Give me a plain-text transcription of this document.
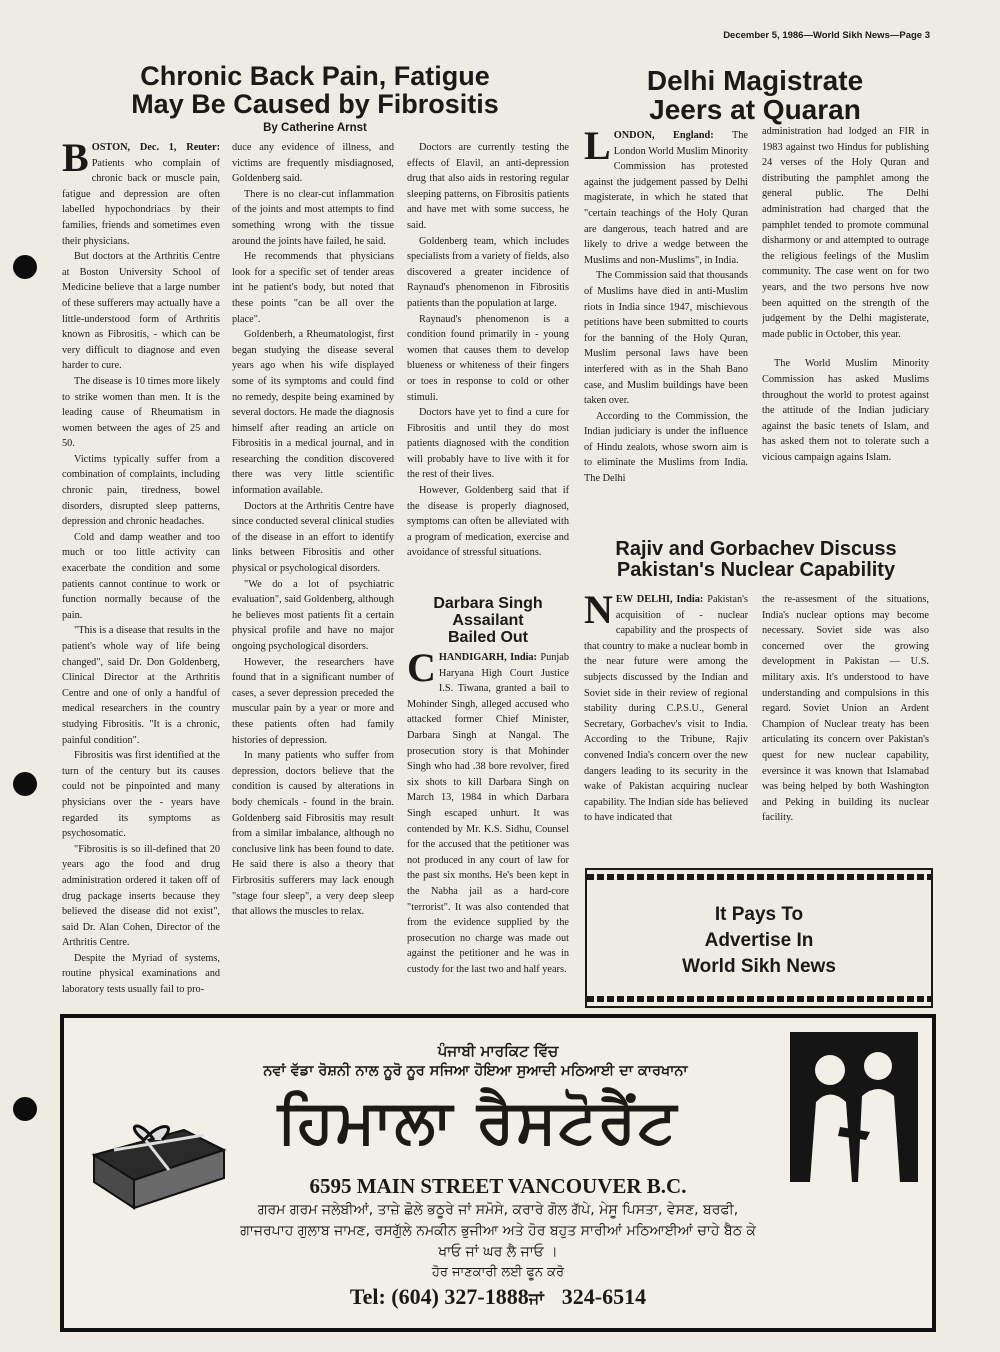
December 5, 1986—World Sikh News—Page 3
Chronic Back Pain, Fatigue
May Be Caused by Fibrositis
By Catherine Arnst

BOSTON, Dec. 1, Reuter: Patients who complain of chronic back or muscle pain, fatigue and depression are often labelled hypochondriacs by their families, friends and sometimes even their physicians.

But doctors at the Arthritis Centre at Boston University School of Medicine believe that a large number of these sufferers may actually have a little-understood form of Arthritis known as Fibrositis, - which can be very difficult to diagnose and even harder to cure.

The disease is 10 times more likely to strike women than men. It is the leading cause of Rheumatism in women between the ages of 25 and 50.

Victims typically suffer from a combination of complaints, including chronic pain, tiredness, bowel disorders, disrupted sleep patterns, depression and chronic headaches.

Cold and damp weather and too much or too little activity can exacerbate the condition and some patients cannot continue to work or function normally because of the pain.

"This is a disease that results in the patient's whole way of life being changed", said Dr. Don Goldenberg, Clinical Director at the Arthritis Centre and one of only a handful of medical researchers in the country studying Fibrositis. "It is a chronic, painful condition".

Fibrositis was first identified at the turn of the century but its causes could not be pinpointed and many physicians over the - years have regarded its symptoms as psychosomatic.

"Fibrositis is so ill-defined that 20 years ago the food and drug administration ordered it taken off of drug package inserts because they believed the disease did not exist", said Dr. Alan Cohen, Director of the Arthritis Centre.

Despite the Myriad of systems, routine physical examinations and laboratory tests usually fail to pro-

duce any evidence of illness, and victims are frequently misdiagnosed, Goldenberg said.

There is no clear-cut inflammation of the joints and most attempts to find something wrong with the tissue around the joints have failed, he said.

He recommends that physicians look for a specific set of tender areas int he patient's body, but noted that these points "can be all over the place".

Goldenberh, a Rheumatologist, first began studying the disease several years ago when his wife displayed some of its symptoms and could find no remedy, despite being examined by several doctors. He made the diagnosis himself after reading an article on Fibrositis in a medical journal, and in researching the condition discovered there was very little scientific information available.

Doctors at the Arthritis Centre have since conducted several clinical studies of the disease in an effort to identify links between Fibrositis and other physical or psychological disorders.

"We do a lot of psychiatric evaluation", said Goldenberg, although he believes most patients fit a certain physical profile and have no major ongoing psychological disorders.

However, the researchers have found that in a significant number of cases, a sever depression preceded the muscular pain by a year or more and these patients often had family histories of depression.

In many patients who suffer from depression, doctors believe that the condition is caused by alterations in body chemicals - found in the brain. Goldenberg said Fibrositis may result from a similar imbalance, although no conclusive link has been found to date. He said there is also a theory that Firbrositis sufferers may lack enough "stage four sleep", a very deep sleep that allows the muscles to relax.

Doctors are currently testing the effects of Elavil, an anti-depression drug that also aids in restoring regular sleeping patterns, on Fibrositis patients and have met with some success, he said.

Goldenberg team, which includes specialists from a variety of fields, also discovered a greater incidence of Raynaud's phenomenon in Fibrositis patients than the population at large.

Raynaud's phenomenon is a condition found primarily in - young women that causes them to develop blueness or whiteness of their fingers or toes in response to cold or other stimuli.

Doctors have yet to find a cure for Fibrositis and until they do most patients diagnosed with the condition will probably have to live with it for the rest of their lives.

However, Goldenberg said that if the disease is properly diagnosed, symptoms can often be alleviated with a program of medication, exercise and avoidance of stressful situations.

Darbara Singh
Assailant
Bailed Out

CHANDIGARH, India: Punjab Haryana High Court Justice I.S. Tiwana, granted a bail to Mohinder Singh, alleged accused who attacked former Chief Minister, Darbara Singh at Nangal. The prosecution story is that Mohinder Singh who had .38 bore revolver, fired six shots to kill Darbara Singh on March 13, 1984 in which Darbara Singh escaped unhurt. It was contended by Mr. K.S. Sidhu, Counsel for the accused that the petitioner was not produced in any court of law for the past six months. He's been kept in the Nabha jail as a hard-core "terrorist". It was also contended that from the evidence supplied by the prosecution no charge was made out against the petitioner and he was in custody for the last two and half years.

Delhi Magistrate
Jeers at Quaran

LONDON, England: The London World Muslim Minority Commission has protested against the judgement passed by Delhi magisterate, in which he stated that "certain teachings of the Holy Quran are dangerous, teach hatred and are likely to drive a wedge between the Muslims and non-Muslims", in India.

The Commission said that thousands of Muslims have died in anti-Muslim riots in India since 1947, mischievous petitions have been submitted to courts for the banning of the Holy Quran, Muslim personal laws have been interfered with as in the Shah Bano case, and Muslim buildings have been taken over.

According to the Commission, the Indian judiciary is under the influence of Hindu zealots, whose sworn aim is to eliminate the Muslims from India. The Delhi

administration had lodged an FIR in 1983 against two Hindus for publishing 24 verses of the Holy Quran and distributing the pamphlet among the general public. The Delhi administration had charged that the pamphlet tended to promote communal disharmony or and attempted to outrage the religious feelings of the Muslim community. The case went on for two years, and the two persons hve now been aquitted on the strength of the judgement by the Delhi magisterate, made public in October, this year.

The World Muslim Minority Commission has asked Muslims throughout the world to protest against the attitude of the Indian judiciary against the basic tenets of Islam, and has asked them not to tolerate such a vicious campaign agains Islam.

Rajiv and Gorbachev Discuss
Pakistan's Nuclear Capability

NEW DELHI, India: Pakistan's acquisition of - nuclear capability and the prospects of that country to make a nuclear bomb in the near future were among the subjects discussed by the Indian and Soviet side in their review of regional stability during C.P.S.U., General Secretary, Gorbachev's visit to India. According to the Tribune, Rajiv convened India's concern over the new dangers leading to its security in the wake of Pakistan acquiring nuclear capability. The Indian side has believed to have indicated that

the re-assesment of the situations, India's nuclear options may become necessary. Soviet side was also concerned over the growing development in Pakistan — U.S. military axis. It's understood to have understanding and compulsions in this regard. Soviet Union an Ardent Champion of Nuclear treaty has been articulating its concern over Pakistan's quest for new nuclear capability, eversince it was known that Islamabad was being helped by both Washington and Peking in building its nuclear facility.

It Pays To
Advertise In
World Sikh News
ਪੰਜਾਬੀ ਮਾਰਕਿਟ ਵਿੱਚ
ਨਵਾਂ ਵੱਡਾ ਰੋਸ਼ਨੀ ਨਾਲ ਨੂਰੋ ਨੂਰ ਸਜਿਆ ਹੋਇਆ ਸੁਆਦੀ ਮਠਿਆਈ ਦਾ ਕਾਰਖਾਨਾ
ਹਿਮਾਲਾ ਰੈਸਟੋਰੈਂਟ
6595 MAIN STREET VANCOUVER B.C.
ਗਰਮ ਗਰਮ ਜਲੇਬੀਆਂ, ਤਾਜ਼ੇ ਛੋਲੇ ਭਠੂਰੇ ਜਾਂ ਸਮੋਸੇ, ਕਰਾਰੇ ਗੋਲ ਗੱਪੇ, ਮੇਸੂ ਪਿਸਤਾ, ਵੇਸਣ, ਬਰਫੀ,
ਗਾਜਰਪਾਹ ਗੁਲਾਬ ਜਾਮਣ, ਰਸਗੁੱਲੇ ਨਮਕੀਨ ਭੁਜੀਆ ਅਤੇ ਹੋਰ ਬਹੁਤ ਸਾਰੀਆਂ ਮਠਿਆਈਆਂ ਚਾਹੇ ਬੈਠ ਕੇ
ਖਾਓ ਜਾਂ ਘਰ ਲੈ ਜਾਓ ।
ਹੋਰ ਜਾਣਕਾਰੀ ਲਈ ਫੂਨ ਕਰੋ
Tel: (604) 327-1888ਜਾਂ 324-6514
